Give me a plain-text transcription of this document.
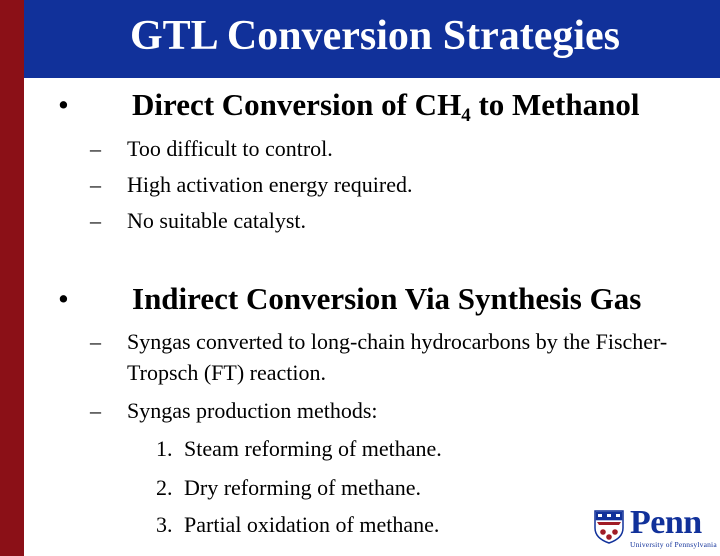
GTL Conversion Strategies
• Direct Conversion of $CH_4$ to Methanol
– Too difficult to control.
– High activation energy required.
– No suitable catalyst.
• Indirect Conversion Via Synthesis Gas
– Syngas converted to long-chain hydrocarbons by the Fischer-Tropsch (FT) reaction.
– Syngas production methods:
1. Steam reforming of methane.
2. Dry reforming of methane.
3. Partial oxidation of methane.	Penn
University of Pennsylvania
